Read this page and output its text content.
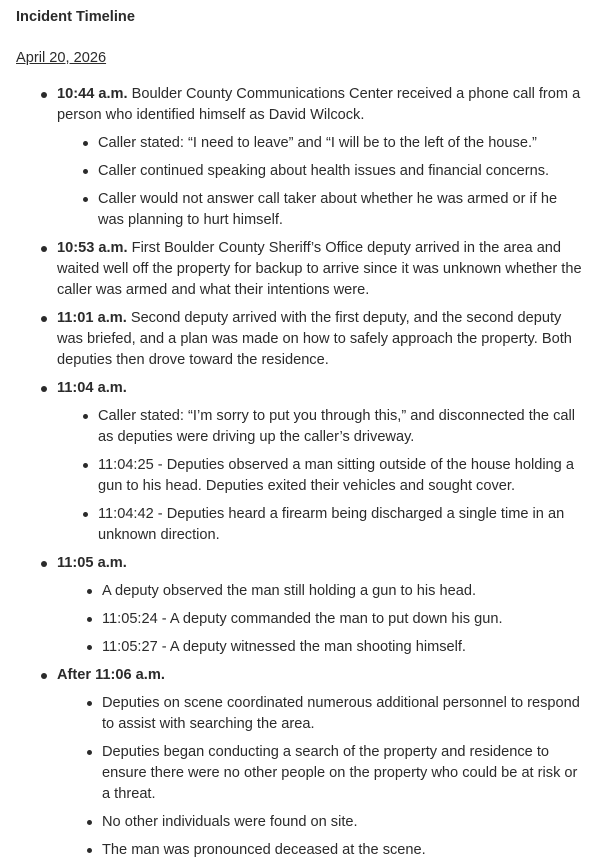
Incident Timeline
April 20, 2026
10:44 a.m. Boulder County Communications Center received a phone call from a person who identified himself as David Wilcock.
Caller stated: “I need to leave” and “I will be to the left of the house.”
Caller continued speaking about health issues and financial concerns.
Caller would not answer call taker about whether he was armed or if he was planning to hurt himself.
10:53 a.m. First Boulder County Sheriff’s Office deputy arrived in the area and waited well off the property for backup to arrive since it was unknown whether the caller was armed and what their intentions were.
11:01 a.m. Second deputy arrived with the first deputy, and the second deputy was briefed, and a plan was made on how to safely approach the property. Both deputies then drove toward the residence.
11:04 a.m.
Caller stated: “I’m sorry to put you through this,” and disconnected the call as deputies were driving up the caller’s driveway.
11:04:25 - Deputies observed a man sitting outside of the house holding a gun to his head. Deputies exited their vehicles and sought cover.
11:04:42 - Deputies heard a firearm being discharged a single time in an unknown direction.
11:05 a.m.
A deputy observed the man still holding a gun to his head.
11:05:24 - A deputy commanded the man to put down his gun.
11:05:27 - A deputy witnessed the man shooting himself.
After 11:06 a.m.
Deputies on scene coordinated numerous additional personnel to respond to assist with searching the area.
Deputies began conducting a search of the property and residence to ensure there were no other people on the property who could be at risk or a threat.
No other individuals were found on site.
The man was pronounced deceased at the scene.
